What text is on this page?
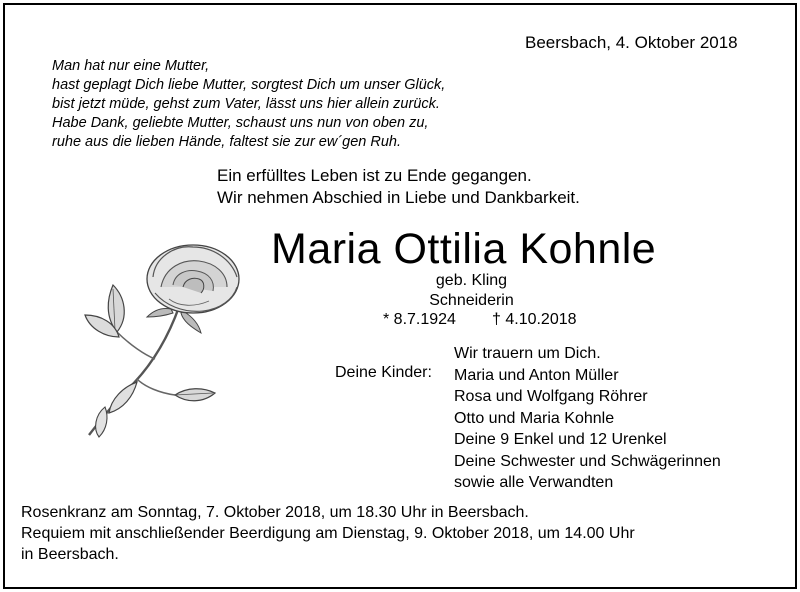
Beersbach, 4. Oktober 2018
Man hat nur eine Mutter,
hast geplagt Dich liebe Mutter, sorgtest Dich um unser Glück,
bist jetzt müde, gehst zum Vater, lässt uns hier allein zurück.
Habe Dank, geliebte Mutter, schaust uns nun von oben zu,
ruhe aus die lieben Hände, faltest sie zur ew´gen Ruh.
Ein erfülltes Leben ist zu Ende gegangen.
Wir nehmen Abschied in Liebe und Dankbarkeit.
Maria Ottilia Kohnle
geb. Kling
Schneiderin
* 8.7.1924 † 4.10.2018
Deine Kinder:
Wir trauern um Dich.
Maria und Anton Müller
Rosa und Wolfgang Röhrer
Otto und Maria Kohnle
Deine 9 Enkel und 12 Urenkel
Deine Schwester und Schwägerinnen
sowie alle Verwandten
Rosenkranz am Sonntag, 7. Oktober 2018, um 18.30 Uhr in Beersbach.
Requiem mit anschließender Beerdigung am Dienstag, 9. Oktober 2018, um 14.00 Uhr
in Beersbach.
